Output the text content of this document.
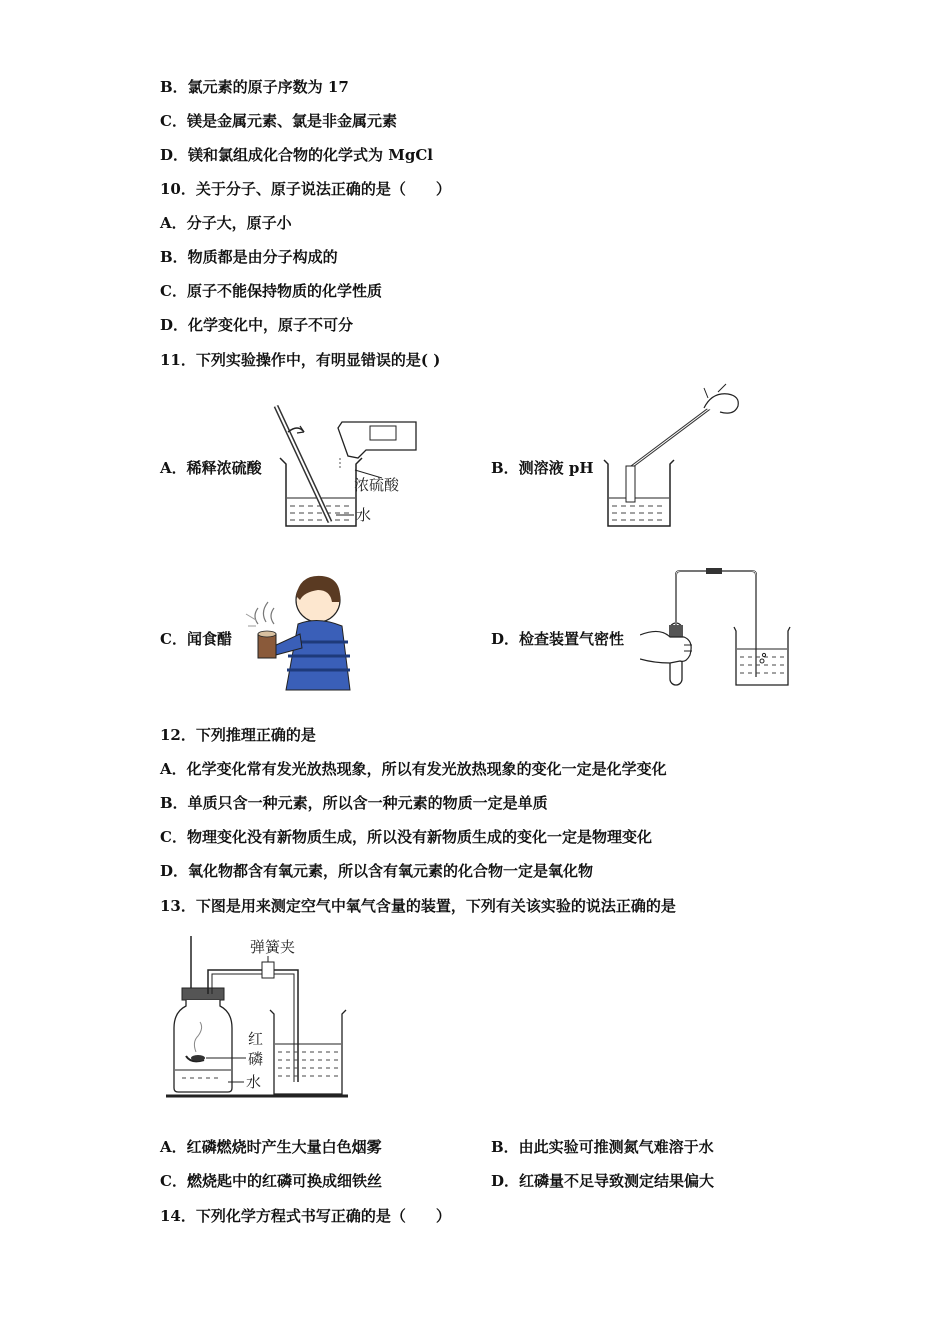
B．氯元素的原子序数为 17
C．镁是金属元素、氯是非金属元素
D．镁和氯组成化合物的化学式为 MgCl
10．关于分子、原子说法正确的是（　　）
A．分子大，原子小
B．物质都是由分子构成的
C．原子不能保持物质的化学性质
D．化学变化中，原子不可分
11．下列实验操作中，有明显错误的是( )
A．稀释浓硫酸	B．测溶液 pH
C．闻食醋	D．检查装置气密性
浓硫酸
水
12．下列推理正确的是
A．化学变化常有发光放热现象，所以有发光放热现象的变化一定是化学变化
B．单质只含一种元素，所以含一种元素的物质一定是单质
C．物理变化没有新物质生成，所以没有新物质生成的变化一定是物理变化
D．氧化物都含有氧元素，所以含有氧元素的化合物一定是氧化物
13．下图是用来测定空气中氧气含量的装置，下列有关该实验的说法正确的是
弹簧夹
红
磷
水
A．红磷燃烧时产生大量白色烟雾	B．由此实验可推测氮气难溶于水
C．燃烧匙中的红磷可换成细铁丝	D．红磷量不足导致测定结果偏大
14．下列化学方程式书写正确的是（　　）
